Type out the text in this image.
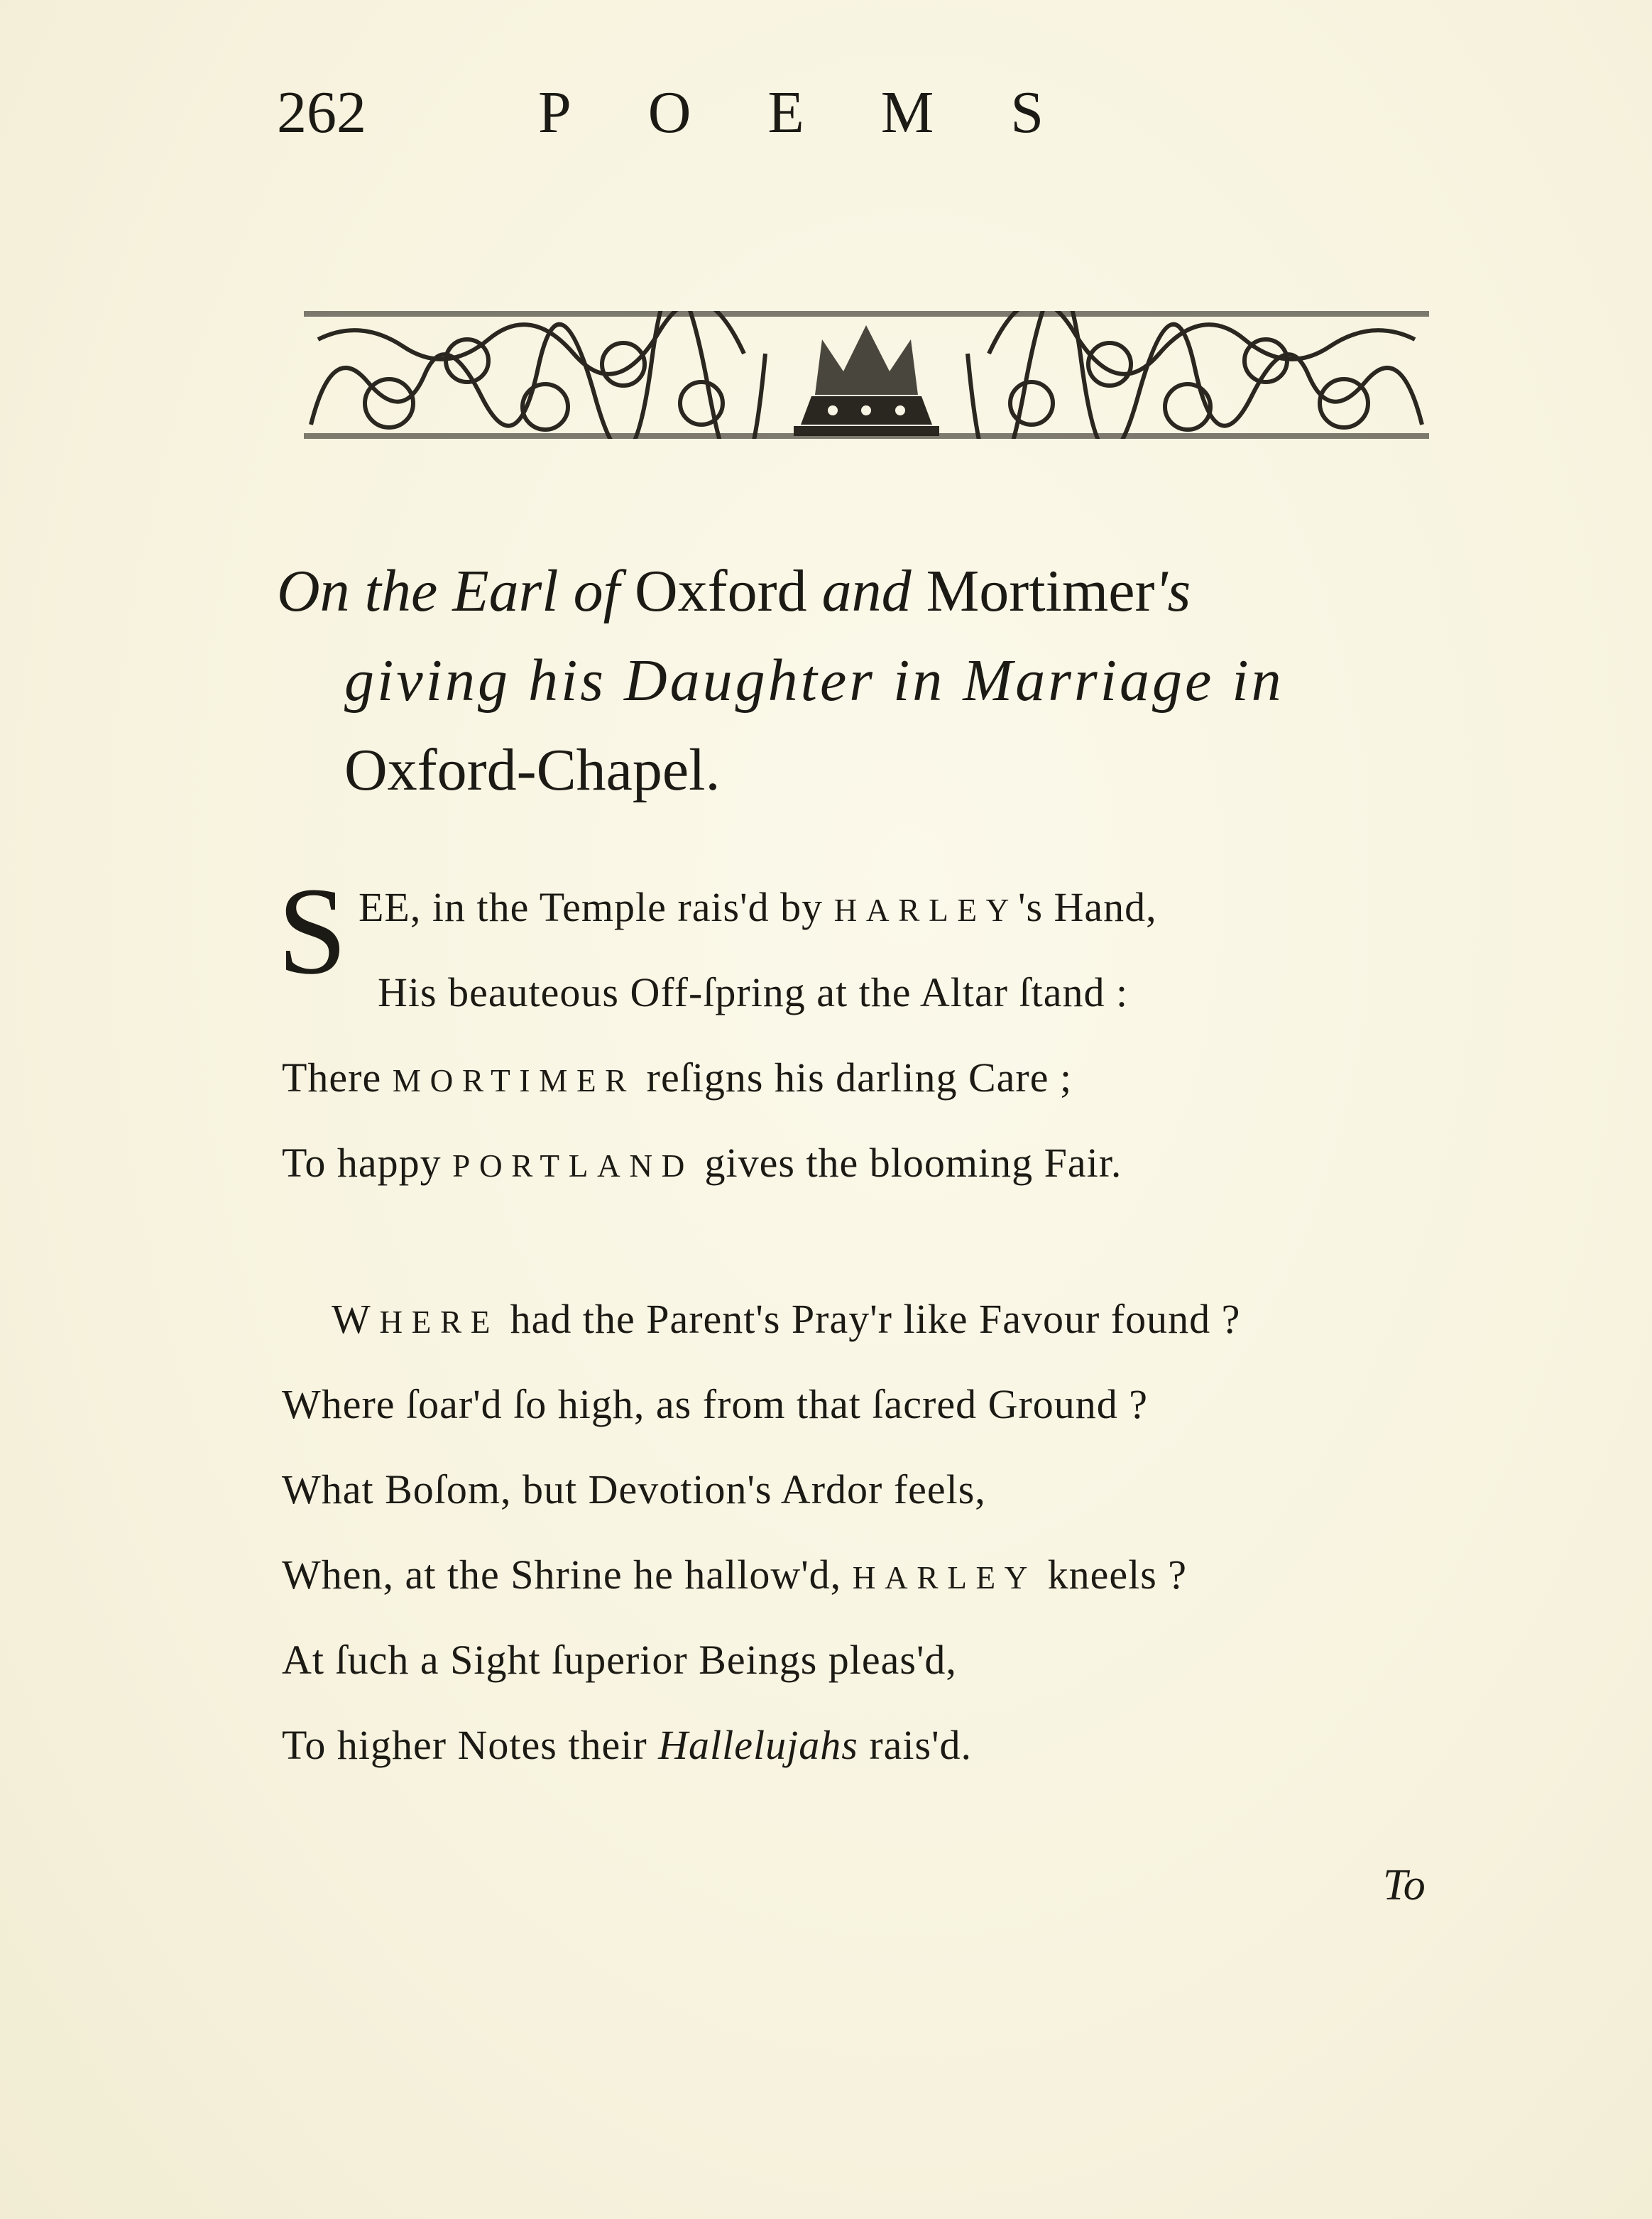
262	POEMS
On the Earl of Oxford and Mortimer's
giving his Daughter in Marriage in
Oxford-Chapel.
S EE, in the Temple rais'd by HARLEY's Hand,
His beauteous Off-ſpring at the Altar ſtand :
There MORTIMER reſigns his darling Care ;
To happy PORTLAND gives the blooming Fair.
WHERE had the Parent's Pray'r like Favour found ?
Where ſoar'd ſo high, as from that ſacred Ground ?
What Boſom, but Devotion's Ardor feels,
When, at the Shrine he hallow'd, HARLEY kneels ?
At ſuch a Sight ſuperior Beings pleas'd,
To higher Notes their Hallelujahs rais'd.
To
